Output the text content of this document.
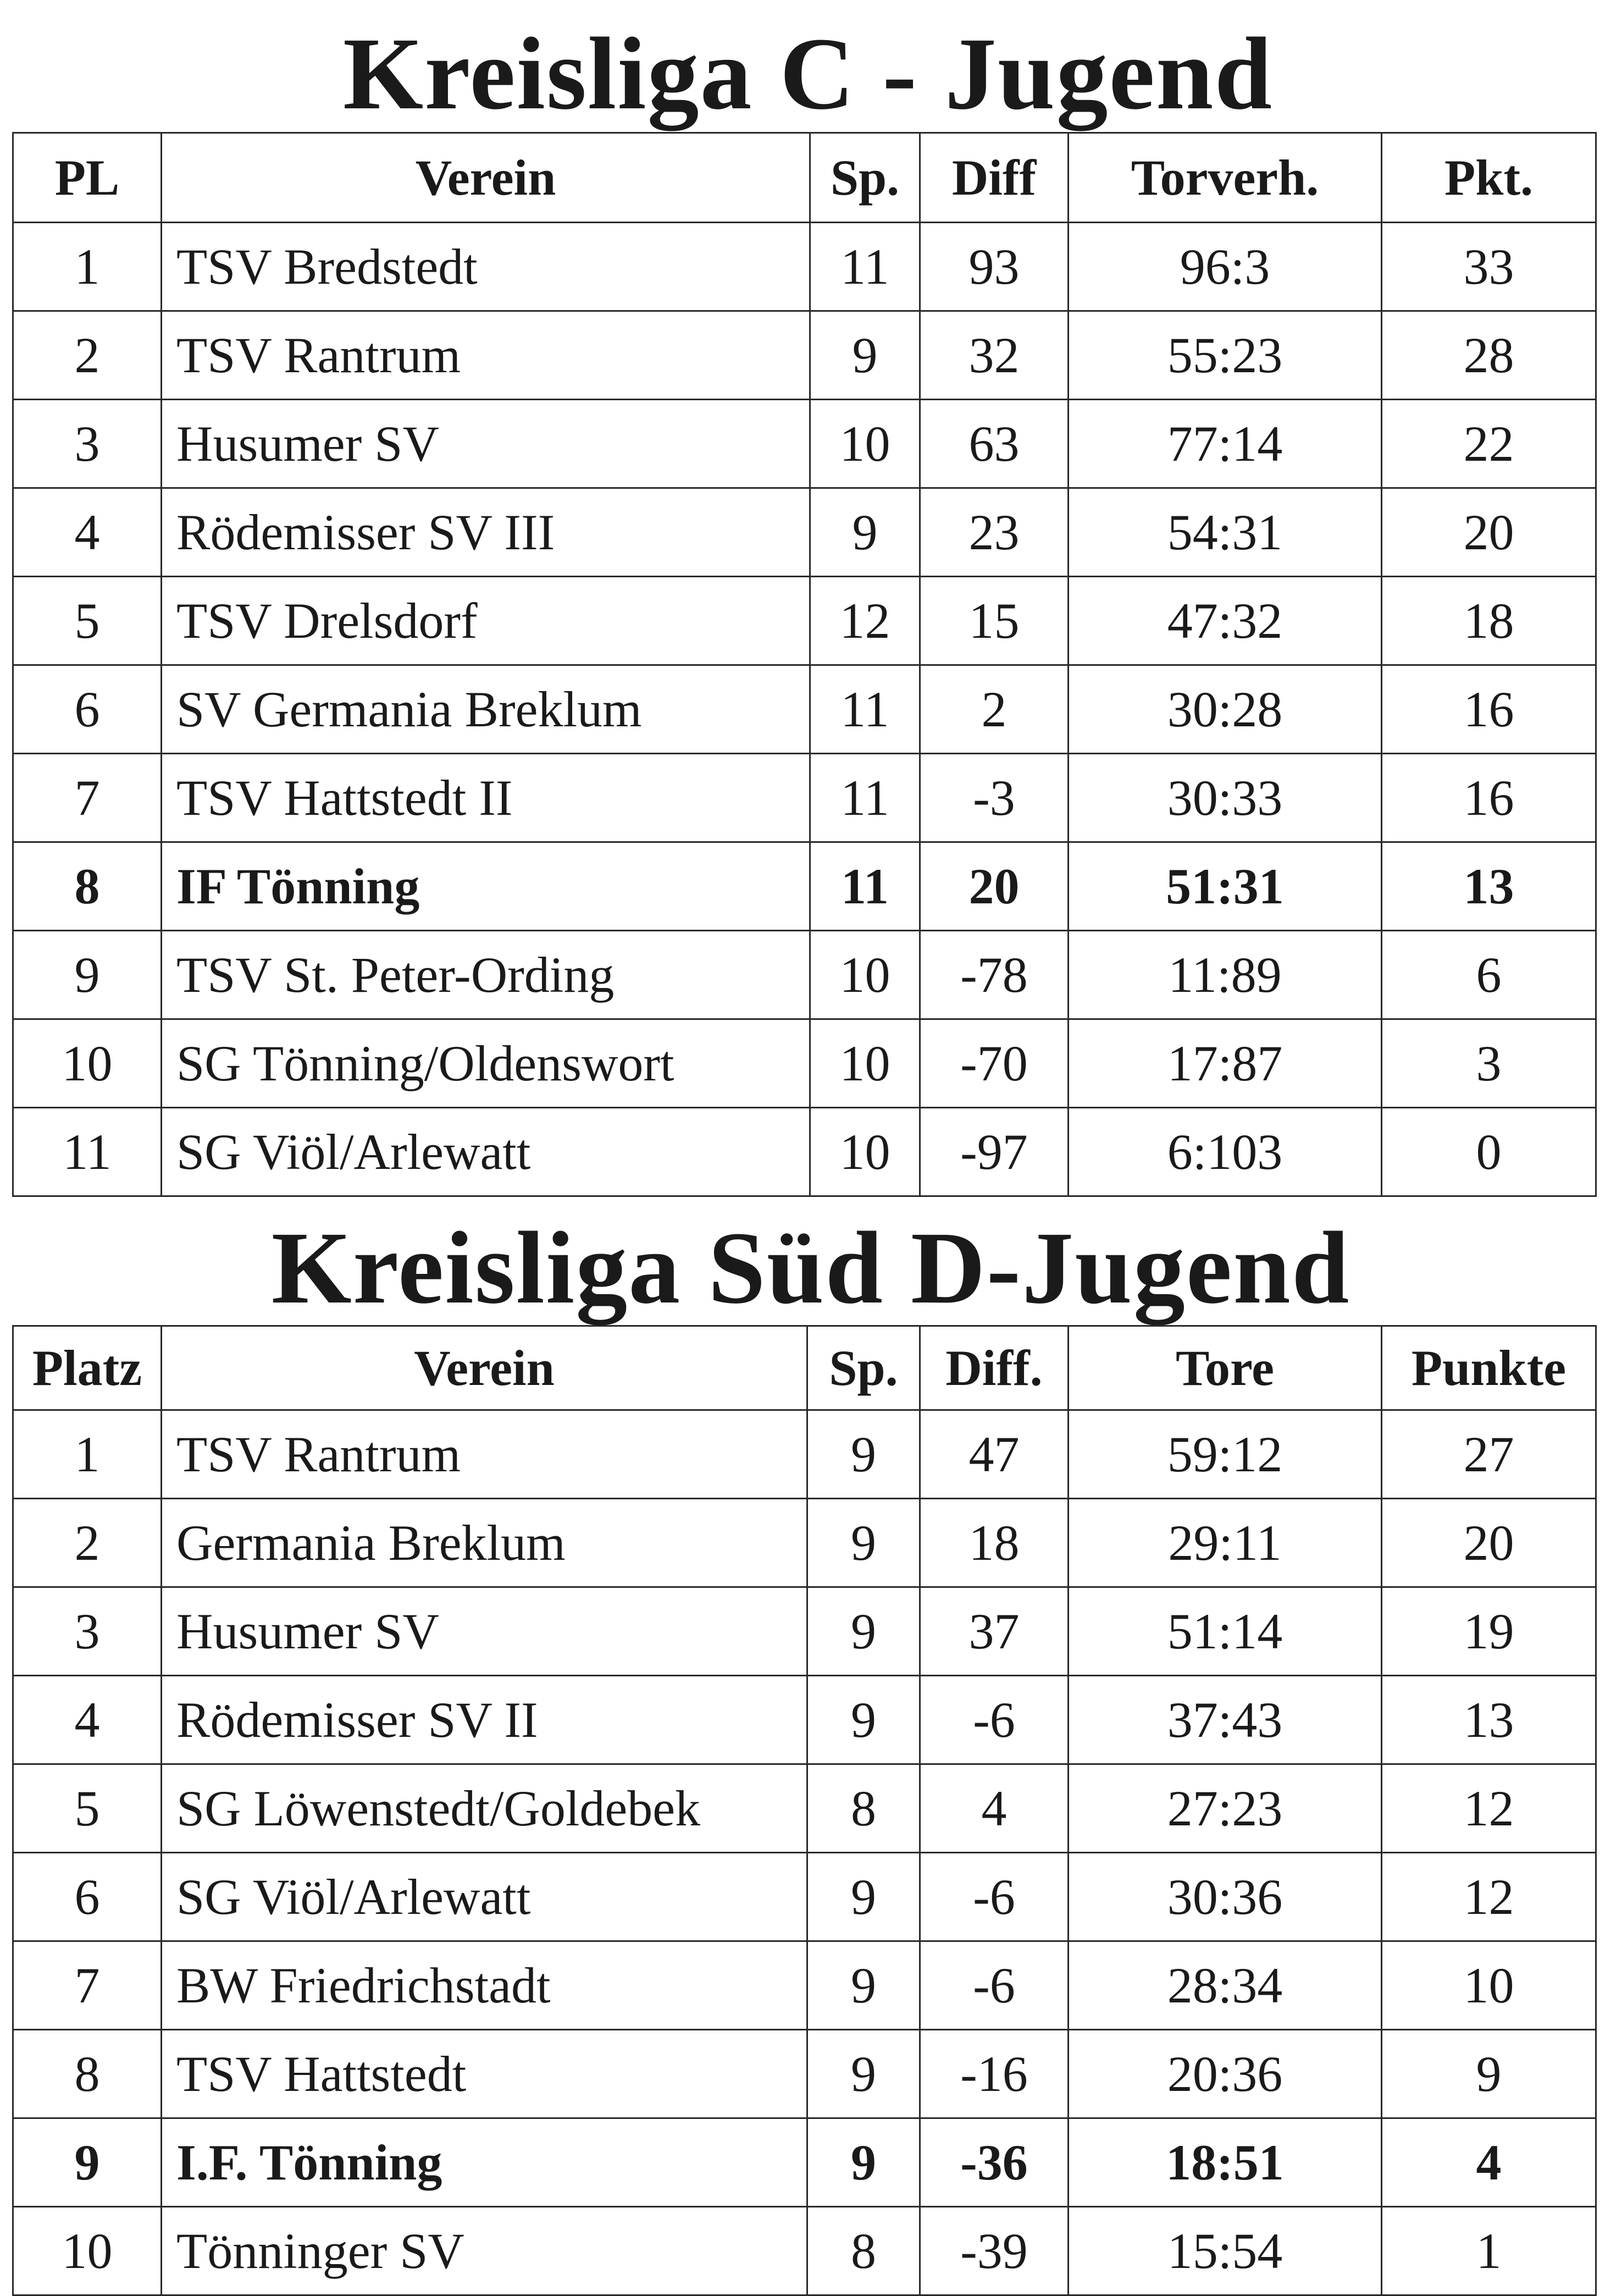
Kreisliga C - Jugend
PL	Verein	Sp.	Diff	Torverh.	Pkt.
1	TSV Bredstedt	11	93	96:3	33
2	TSV Rantrum	9	32	55:23	28
3	Husumer SV	10	63	77:14	22
4	Rödemisser SV III	9	23	54:31	20
5	TSV Drelsdorf	12	15	47:32	18
6	SV Germania Breklum	11	2	30:28	16
7	TSV Hattstedt II	11	-3	30:33	16
8	IF Tönning	11	20	51:31	13
9	TSV St. Peter-Ording	10	-78	11:89	6
10	SG Tönning/Oldenswort	10	-70	17:87	3
11	SG Viöl/Arlewatt	10	-97	6:103	0
Kreisliga Süd D-Jugend
Platz	Verein	Sp.	Diff.	Tore	Punkte
1	TSV Rantrum	9	47	59:12	27
2	Germania Breklum	9	18	29:11	20
3	Husumer SV	9	37	51:14	19
4	Rödemisser SV II	9	-6	37:43	13
5	SG Löwenstedt/Goldebek	8	4	27:23	12
6	SG Viöl/Arlewatt	9	-6	30:36	12
7	BW Friedrichstadt	9	-6	28:34	10
8	TSV Hattstedt	9	-16	20:36	9
9	I.F. Tönning	9	-36	18:51	4
10	Tönninger SV	8	-39	15:54	1
